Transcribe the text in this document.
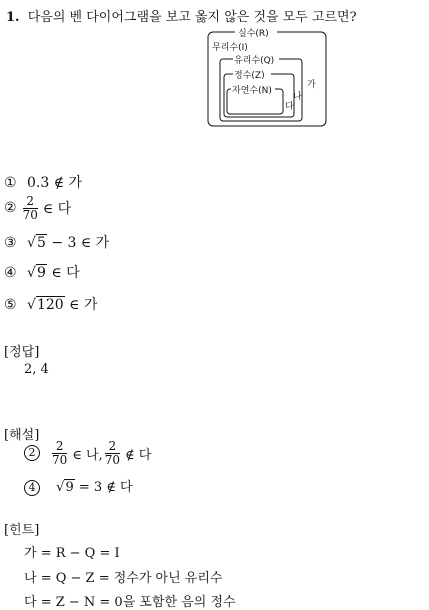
1. 다음의 벤 다이어그램을 보고 옳지 않은 것을 모두 고르면?
실수(R)
무리수(I)
유리수(Q)
가
정수(Z)
나
자연수(N)
다
① 0.3 ∉ 가
② $\frac{2}{70}$ ∈ 다
③ √5 − 3 ∈ 가
④ √9 ∈ 다
⑤ √120 ∈ 가
[정답]
2, 4
[해설]
2	$\frac{2}{70}$ ∈ 나, $\frac{2}{70}$ ∉ 다
4 √9 = 3 ∉ 다
[힌트]
가 = R − Q = I
나 = Q − Z = 정수가 아닌 유리수
다 = Z − N = 0을 포함한 음의 정수
